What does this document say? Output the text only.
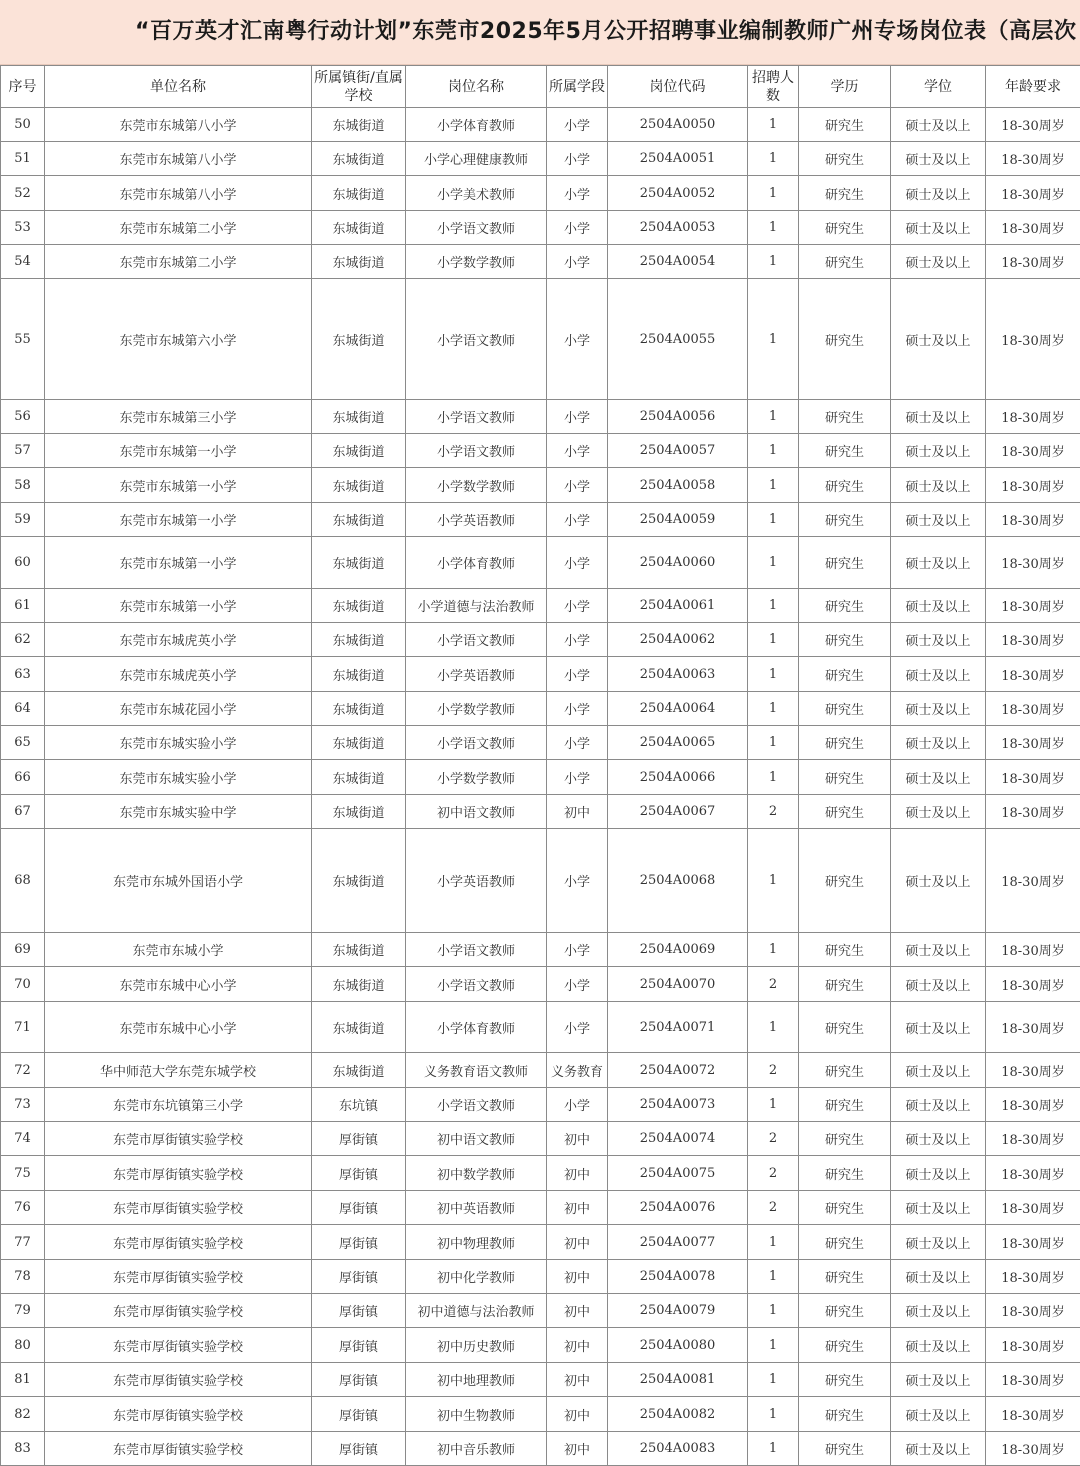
“百万英才汇南粤行动计划”东莞市2025年5月公开招聘事业编制教师广州专场岗位表（高层次
序号	单位名称	所属镇街/直属学校	岗位名称	所属学段	岗位代码	招聘人数	学历	学位	年龄要求
50	东莞市东城第八小学	东城街道	小学体育教师	小学	2504A0050	1	研究生	硕士及以上	18-30周岁
51	东莞市东城第八小学	东城街道	小学心理健康教师	小学	2504A0051	1	研究生	硕士及以上	18-30周岁
52	东莞市东城第八小学	东城街道	小学美术教师	小学	2504A0052	1	研究生	硕士及以上	18-30周岁
53	东莞市东城第二小学	东城街道	小学语文教师	小学	2504A0053	1	研究生	硕士及以上	18-30周岁
54	东莞市东城第二小学	东城街道	小学数学教师	小学	2504A0054	1	研究生	硕士及以上	18-30周岁
55	东莞市东城第六小学	东城街道	小学语文教师	小学	2504A0055	1	研究生	硕士及以上	18-30周岁
56	东莞市东城第三小学	东城街道	小学语文教师	小学	2504A0056	1	研究生	硕士及以上	18-30周岁
57	东莞市东城第一小学	东城街道	小学语文教师	小学	2504A0057	1	研究生	硕士及以上	18-30周岁
58	东莞市东城第一小学	东城街道	小学数学教师	小学	2504A0058	1	研究生	硕士及以上	18-30周岁
59	东莞市东城第一小学	东城街道	小学英语教师	小学	2504A0059	1	研究生	硕士及以上	18-30周岁
60	东莞市东城第一小学	东城街道	小学体育教师	小学	2504A0060	1	研究生	硕士及以上	18-30周岁
61	东莞市东城第一小学	东城街道	小学道德与法治教师	小学	2504A0061	1	研究生	硕士及以上	18-30周岁
62	东莞市东城虎英小学	东城街道	小学语文教师	小学	2504A0062	1	研究生	硕士及以上	18-30周岁
63	东莞市东城虎英小学	东城街道	小学英语教师	小学	2504A0063	1	研究生	硕士及以上	18-30周岁
64	东莞市东城花园小学	东城街道	小学数学教师	小学	2504A0064	1	研究生	硕士及以上	18-30周岁
65	东莞市东城实验小学	东城街道	小学语文教师	小学	2504A0065	1	研究生	硕士及以上	18-30周岁
66	东莞市东城实验小学	东城街道	小学数学教师	小学	2504A0066	1	研究生	硕士及以上	18-30周岁
67	东莞市东城实验中学	东城街道	初中语文教师	初中	2504A0067	2	研究生	硕士及以上	18-30周岁
68	东莞市东城外国语小学	东城街道	小学英语教师	小学	2504A0068	1	研究生	硕士及以上	18-30周岁
69	东莞市东城小学	东城街道	小学语文教师	小学	2504A0069	1	研究生	硕士及以上	18-30周岁
70	东莞市东城中心小学	东城街道	小学语文教师	小学	2504A0070	2	研究生	硕士及以上	18-30周岁
71	东莞市东城中心小学	东城街道	小学体育教师	小学	2504A0071	1	研究生	硕士及以上	18-30周岁
72	华中师范大学东莞东城学校	东城街道	义务教育语文教师	义务教育	2504A0072	2	研究生	硕士及以上	18-30周岁
73	东莞市东坑镇第三小学	东坑镇	小学语文教师	小学	2504A0073	1	研究生	硕士及以上	18-30周岁
74	东莞市厚街镇实验学校	厚街镇	初中语文教师	初中	2504A0074	2	研究生	硕士及以上	18-30周岁
75	东莞市厚街镇实验学校	厚街镇	初中数学教师	初中	2504A0075	2	研究生	硕士及以上	18-30周岁
76	东莞市厚街镇实验学校	厚街镇	初中英语教师	初中	2504A0076	2	研究生	硕士及以上	18-30周岁
77	东莞市厚街镇实验学校	厚街镇	初中物理教师	初中	2504A0077	1	研究生	硕士及以上	18-30周岁
78	东莞市厚街镇实验学校	厚街镇	初中化学教师	初中	2504A0078	1	研究生	硕士及以上	18-30周岁
79	东莞市厚街镇实验学校	厚街镇	初中道德与法治教师	初中	2504A0079	1	研究生	硕士及以上	18-30周岁
80	东莞市厚街镇实验学校	厚街镇	初中历史教师	初中	2504A0080	1	研究生	硕士及以上	18-30周岁
81	东莞市厚街镇实验学校	厚街镇	初中地理教师	初中	2504A0081	1	研究生	硕士及以上	18-30周岁
82	东莞市厚街镇实验学校	厚街镇	初中生物教师	初中	2504A0082	1	研究生	硕士及以上	18-30周岁
83	东莞市厚街镇实验学校	厚街镇	初中音乐教师	初中	2504A0083	1	研究生	硕士及以上	18-30周岁
